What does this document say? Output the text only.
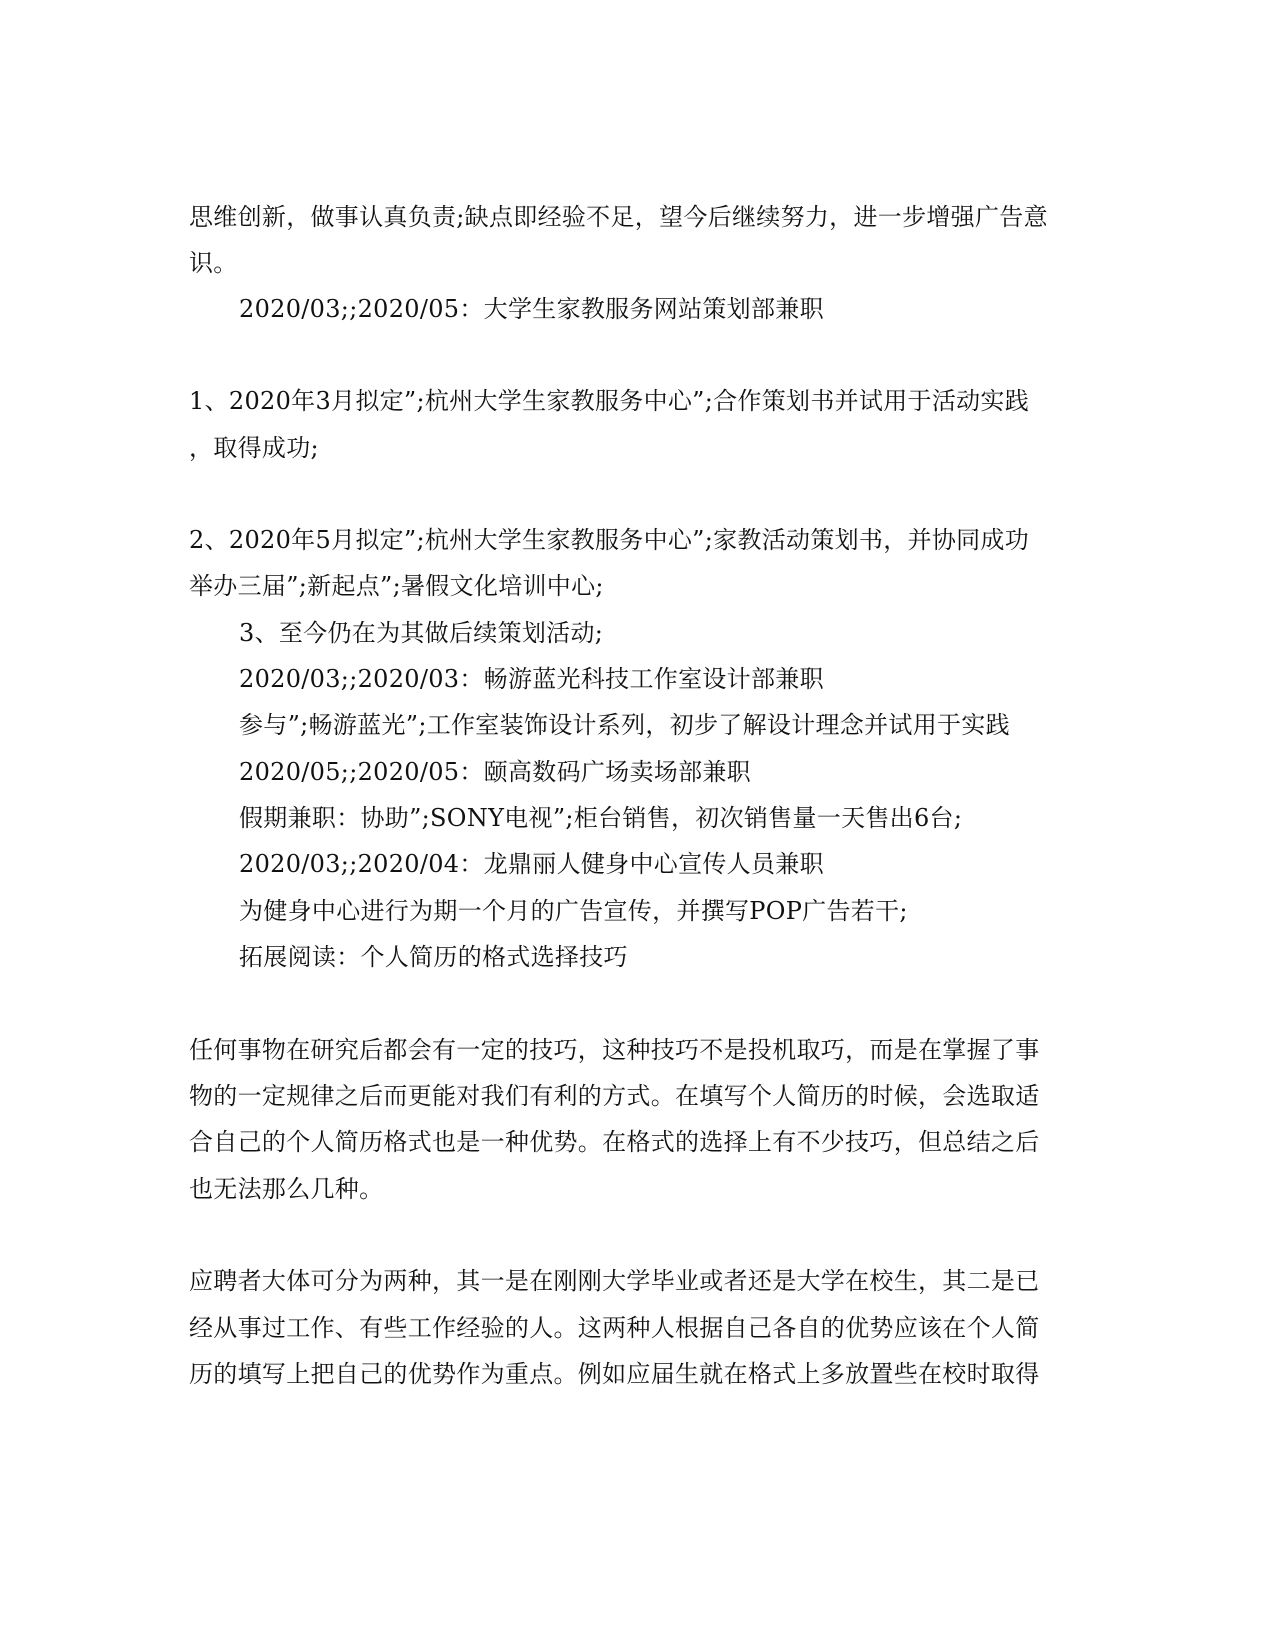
思维创新，做事认真负责;缺点即经验不足，望今后继续努力，进一步增强广告意
识。
2020/03;;2020/05：大学生家教服务网站策划部兼职
1、2020年3月拟定”;杭州大学生家教服务中心”;合作策划书并试用于活动实践
，取得成功;
2、2020年5月拟定”;杭州大学生家教服务中心”;家教活动策划书，并协同成功
举办三届”;新起点”;暑假文化培训中心;
3、至今仍在为其做后续策划活动;
2020/03;;2020/03：畅游蓝光科技工作室设计部兼职
参与”;畅游蓝光”;工作室装饰设计系列，初步了解设计理念并试用于实践
2020/05;;2020/05：颐高数码广场卖场部兼职
假期兼职：协助”;SONY电视”;柜台销售，初次销售量一天售出6台;
2020/03;;2020/04：龙鼎丽人健身中心宣传人员兼职
为健身中心进行为期一个月的广告宣传，并撰写POP广告若干;
拓展阅读：个人简历的格式选择技巧
任何事物在研究后都会有一定的技巧，这种技巧不是投机取巧，而是在掌握了事
物的一定规律之后而更能对我们有利的方式。在填写个人简历的时候，会选取适
合自己的个人简历格式也是一种优势。在格式的选择上有不少技巧，但总结之后
也无法那么几种。
应聘者大体可分为两种，其一是在刚刚大学毕业或者还是大学在校生，其二是已
经从事过工作、有些工作经验的人。这两种人根据自己各自的优势应该在个人简
历的填写上把自己的优势作为重点。例如应届生就在格式上多放置些在校时取得
